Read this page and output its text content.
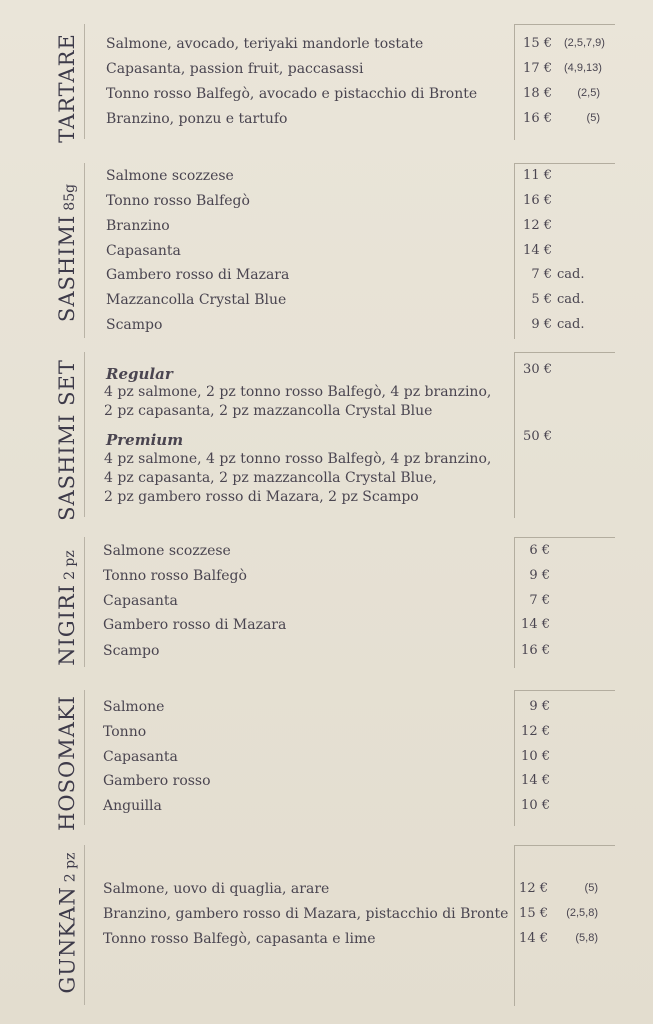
TARTARE Salmone, avocado, teriyaki mandorle tostate	15 € (2,5,7,9)
Capasanta, passion fruit, paccasassi	17 € (4,9,13)
Tonno rosso Balfegò, avocado e pistacchio di Bronte	18 €	(2,5)
Branzino, ponzu e tartufo	16 €	(5)
SASHIMI85g
Salmone scozzese	11 €
Tonno rosso Balfegò	16 €
Branzino	12 €
Capasanta	14 €
Gambero rosso di Mazara	7 € cad.
Mazzancolla Crystal Blue	5 € cad.
Scampo	9 € cad.
SASHIMI SET Regular	30 €
4 pz salmone, 2 pz tonno rosso Balfegò, 4 pz branzino,
2 pz capasanta, 2 pz mazzancolla Crystal Blue
Premium	50 €
4 pz salmone, 4 pz tonno rosso Balfegò, 4 pz branzino,
4 pz capasanta, 2 pz mazzancolla Crystal Blue,
2 pz gambero rosso di Mazara, 2 pz Scampo
NIGIRI2 pz Salmone scozzese	6 €
Tonno rosso Balfegò	9 €
Capasanta	7 €
Gambero rosso di Mazara	14 €
Scampo	16 €
HOSOMAKI Salmone	9 €
Tonno	12 €
Capasanta	10 €
Gambero rosso	14 €
Anguilla	10 €
GUNKAN2 pz
Salmone, uovo di quaglia, arare	12 €	(5)
Branzino, gambero rosso di Mazara, pistacchio di Bronte 15 €	(2,5,8)
Tonno rosso Balfegò, capasanta e lime	14 €	(5,8)
